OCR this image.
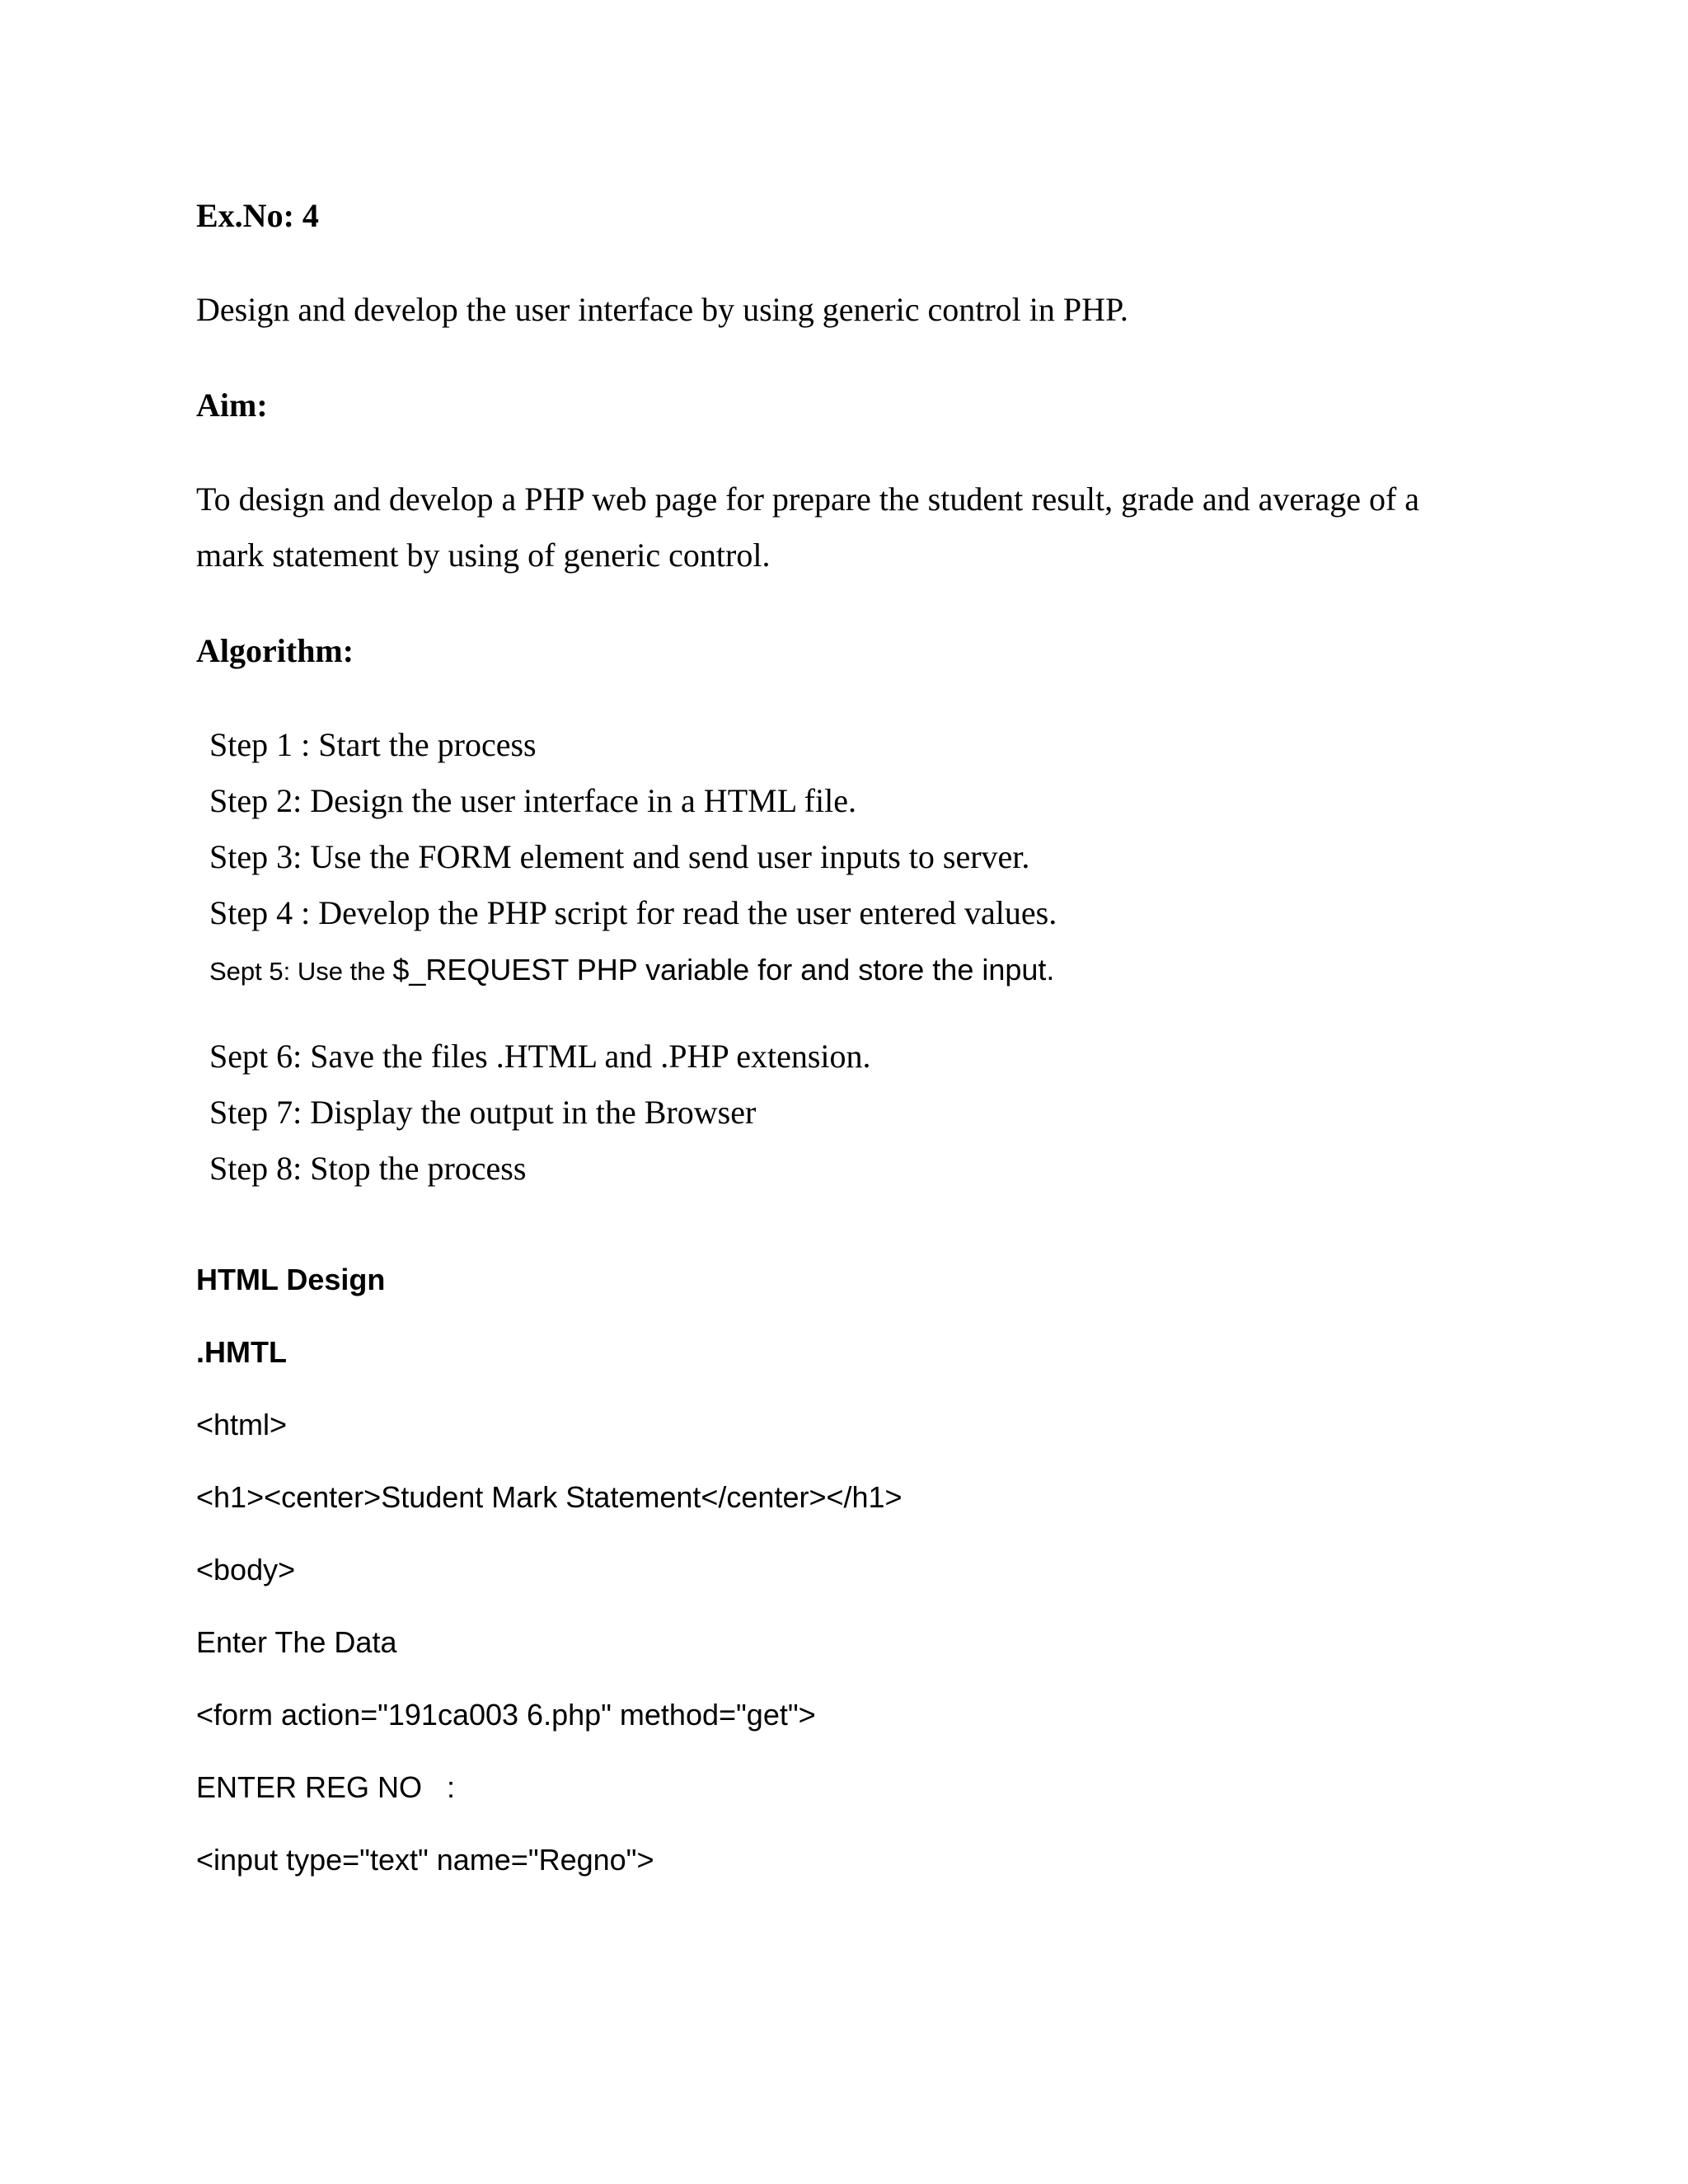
Ex.No: 4
Design and develop the user interface by using generic control in PHP.
Aim:
To design and develop a PHP web page for prepare the student result, grade and average of a
mark statement by using of generic control.
Algorithm:
Step 1 : Start the process
Step 2: Design the user interface in a HTML file.
Step 3: Use the FORM element and send user inputs to server.
Step 4 : Develop the PHP script for read the user entered values.
Sept 5: Use the $_REQUEST PHP variable for and store the input.
Sept 6: Save the files .HTML and .PHP extension.
Step 7: Display the output in the Browser
Step 8: Stop the process
HTML Design
.HMTL
<html>
<h1><center>Student Mark Statement</center></h1>
<body>
Enter The Data
<form action="191ca003 6.php" method="get">
ENTER REG NO   :
<input type="text" name="Regno">
